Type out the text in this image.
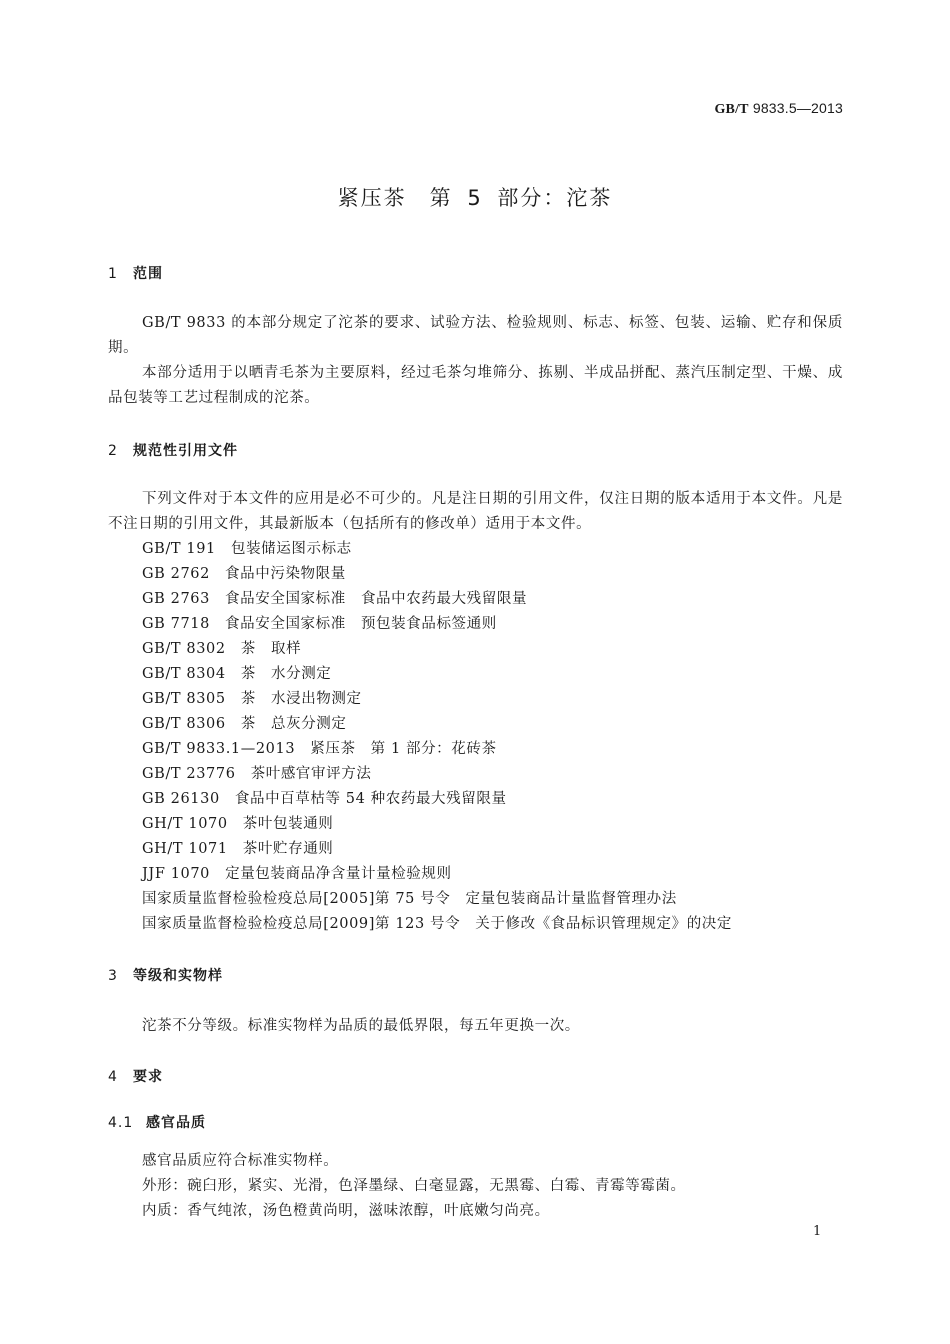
GB/T 9833.5—2013
紧压茶　第 5 部分：沱茶
1 范围
GB/T 9833 的本部分规定了沱茶的要求、试验方法、检验规则、标志、标签、包装、运输、贮存和保质期。
本部分适用于以晒青毛茶为主要原料，经过毛茶匀堆筛分、拣剔、半成品拼配、蒸汽压制定型、干燥、成品包装等工艺过程制成的沱茶。
2 规范性引用文件
下列文件对于本文件的应用是必不可少的。凡是注日期的引用文件，仅注日期的版本适用于本文件。凡是不注日期的引用文件，其最新版本（包括所有的修改单）适用于本文件。
GB/T 191　包装储运图示标志
GB 2762　食品中污染物限量
GB 2763　食品安全国家标准　食品中农药最大残留限量
GB 7718　食品安全国家标准　预包装食品标签通则
GB/T 8302　茶　取样
GB/T 8304　茶　水分测定
GB/T 8305　茶　水浸出物测定
GB/T 8306　茶　总灰分测定
GB/T 9833.1—2013　紧压茶　第 1 部分：花砖茶
GB/T 23776　茶叶感官审评方法
GB 26130　食品中百草枯等 54 种农药最大残留限量
GH/T 1070　茶叶包装通则
GH/T 1071　茶叶贮存通则
JJF 1070　定量包装商品净含量计量检验规则
国家质量监督检验检疫总局[2005]第 75 号令　定量包装商品计量监督管理办法
国家质量监督检验检疫总局[2009]第 123 号令　关于修改《食品标识管理规定》的决定
3 等级和实物样
沱茶不分等级。标准实物样为品质的最低界限，每五年更换一次。
4 要求
4.1 感官品质
感官品质应符合标准实物样。
外形：碗臼形，紧实、光滑，色泽墨绿、白毫显露，无黑霉、白霉、青霉等霉菌。
内质：香气纯浓，汤色橙黄尚明，滋味浓醇，叶底嫩匀尚亮。
1
